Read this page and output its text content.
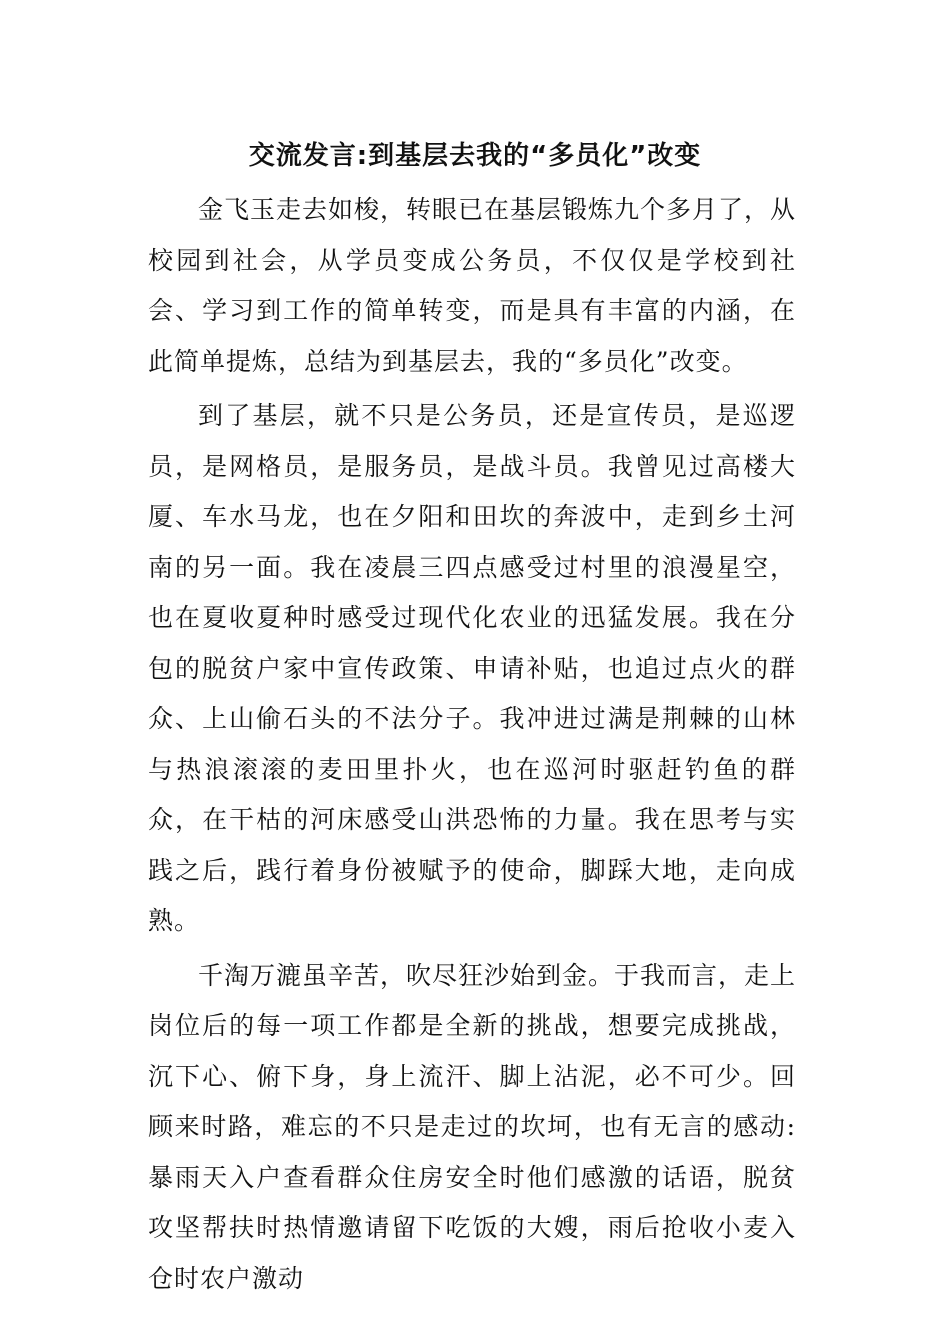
交流发言:到基层去我的“多员化”改变

金飞玉走去如梭，转眼已在基层锻炼九个多月了，从校园到社会，从学员变成公务员，不仅仅是学校到社会、学习到工作的简单转变，而是具有丰富的内涵，在此简单提炼，总结为到基层去，我的“多员化”改变。

到了基层，就不只是公务员，还是宣传员，是巡逻员，是网格员，是服务员，是战斗员。我曾见过高楼大厦、车水马龙，也在夕阳和田坎的奔波中，走到乡土河南的另一面。我在凌晨三四点感受过村里的浪漫星空，也在夏收夏种时感受过现代化农业的迅猛发展。我在分包的脱贫户家中宣传政策、申请补贴，也追过点火的群众、上山偷石头的不法分子。我冲进过满是荆棘的山林与热浪滚滚的麦田里扑火，也在巡河时驱赶钓鱼的群众，在干枯的河床感受山洪恐怖的力量。我在思考与实践之后，践行着身份被赋予的使命，脚踩大地，走向成熟。

千淘万漉虽辛苦，吹尽狂沙始到金。于我而言，走上岗位后的每一项工作都是全新的挑战，想要完成挑战，沉下心、俯下身，身上流汗、脚上沾泥，必不可少。回顾来时路，难忘的不只是走过的坎坷，也有无言的感动:暴雨天入户查看群众住房安全时他们感激的话语，脱贫攻坚帮扶时热情邀请留下吃饭的大嫂，雨后抢收小麦入仓时农户激动
